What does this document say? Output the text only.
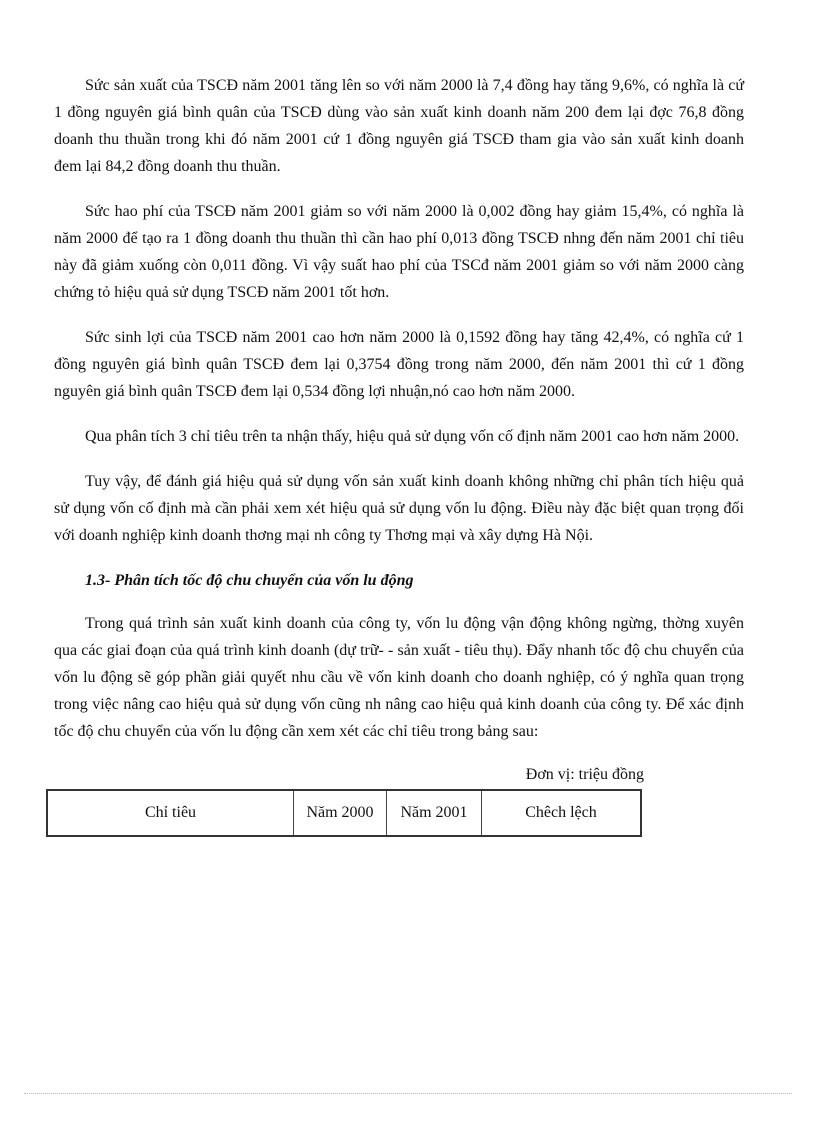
Sức sản xuất của TSCĐ năm 2001 tăng lên so với năm 2000 là 7,4 đồng hay tăng 9,6%, có nghĩa là cứ 1 đồng nguyên giá bình quân của TSCĐ dùng vào sản xuất kinh doanh năm 200 đem lại đợc 76,8 đồng doanh thu thuần trong khi đó năm 2001 cứ 1 đồng nguyên giá TSCĐ tham gia vào sản xuất kinh doanh đem lại 84,2 đồng doanh thu thuần.

Sức hao phí của TSCĐ năm 2001 giảm so với năm 2000 là 0,002 đồng hay giảm 15,4%, có nghĩa là năm 2000 để tạo ra 1 đồng doanh thu thuần thì cần hao phí 0,013 đồng TSCĐ nhng đến năm 2001 chỉ tiêu này đã giảm xuống còn 0,011 đồng. Vì vậy suất hao phí của TSCđ năm 2001 giảm so với năm 2000 càng chứng tỏ hiệu quả sử dụng TSCĐ năm 2001 tốt hơn.

Sức sinh lợi của TSCĐ năm 2001 cao hơn năm 2000 là 0,1592 đồng hay tăng 42,4%, có nghĩa cứ 1 đồng nguyên giá bình quân TSCĐ đem lại 0,3754 đồng trong năm 2000, đến năm 2001 thì cứ 1 đồng nguyên giá bình quân TSCĐ đem lại 0,534 đồng lợi nhuận,nó cao hơn năm 2000.

Qua phân tích 3 chỉ tiêu trên ta nhận thấy, hiệu quả sử dụng vốn cố định năm 2001 cao hơn năm 2000.

Tuy vậy, để đánh giá hiệu quả sử dụng vốn sản xuất kinh doanh không những chỉ phân tích hiệu quả sử dụng vốn cố định mà cần phải xem xét hiệu quả sử dụng vốn lu động. Điều này đặc biệt quan trọng đối với doanh nghiệp kinh doanh thơng mại nh công ty Thơng mại và xây dựng Hà Nội.

1.3- Phân tích tốc độ chu chuyển của vốn lu động

Trong quá trình sản xuất kinh doanh của công ty, vốn lu động vận động không ngừng, thờng xuyên qua các giai đoạn của quá trình kinh doanh (dự trữ- - sản xuất - tiêu thụ). Đẩy nhanh tốc độ chu chuyển của vốn lu động sẽ góp phần giải quyết nhu cầu về vốn kinh doanh cho doanh nghiệp, có ý nghĩa quan trọng trong việc nâng cao hiệu quả sử dụng vốn cũng nh nâng cao hiệu quả kinh doanh của công ty. Để xác định tốc độ chu chuyển của vốn lu động cần xem xét các chỉ tiêu trong bảng sau:

Đơn vị: triệu đồng
Chỉ tiêu	Năm 2000	Năm 2001	Chêch lệch
